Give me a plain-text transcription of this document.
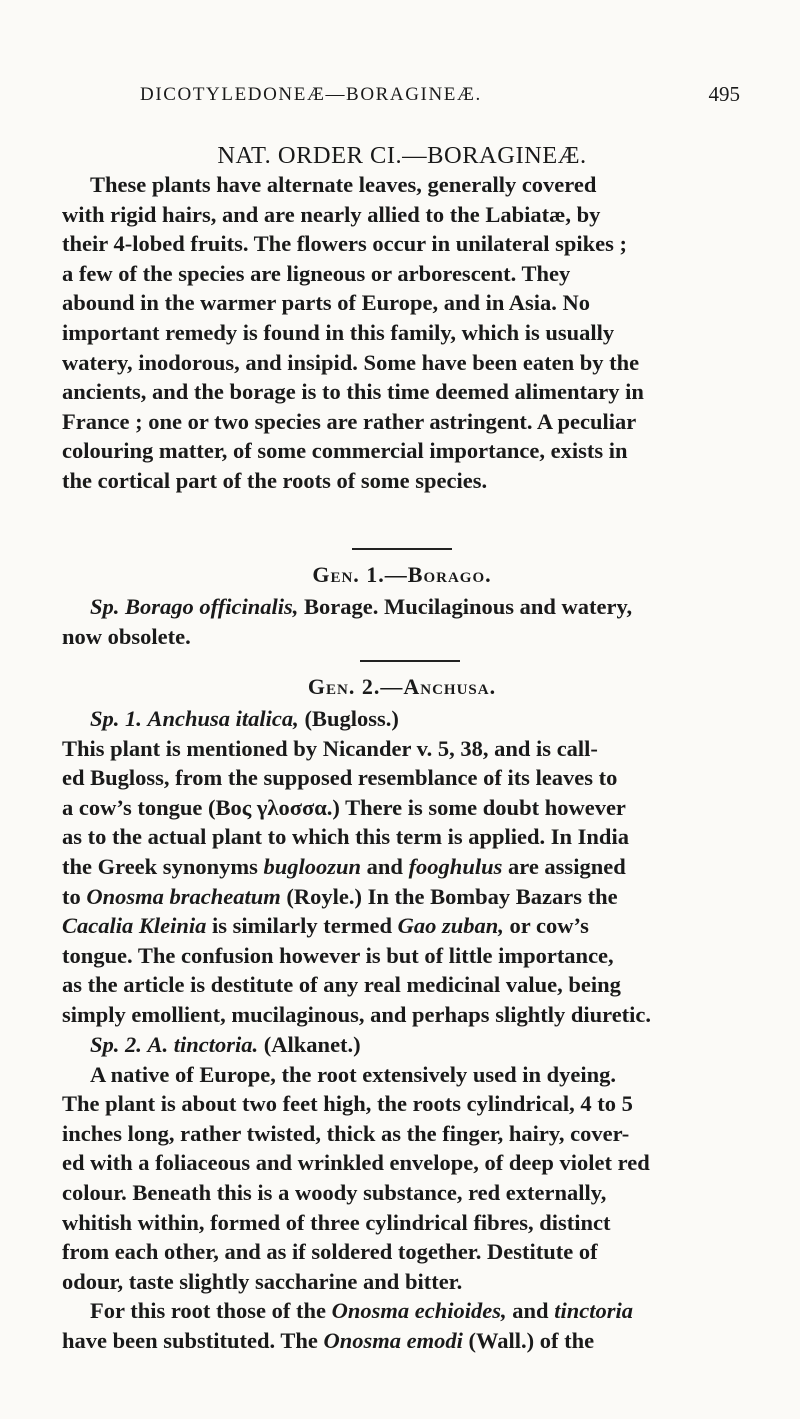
DICOTYLEDONEÆ—BORAGINEÆ.	495
NAT. ORDER CI.—BORAGINEÆ.
These plants have alternate leaves, generally covered
with rigid hairs, and are nearly allied to the Labiatæ, by
their 4-lobed fruits. The flowers occur in unilateral spikes ;
a few of the species are ligneous or arborescent. They
abound in the warmer parts of Europe, and in Asia. No
important remedy is found in this family, which is usually
watery, inodorous, and insipid. Some have been eaten by the
ancients, and the borage is to this time deemed alimentary in
France ; one or two species are rather astringent. A peculiar
colouring matter, of some commercial importance, exists in
the cortical part of the roots of some species.
Gen. 1.—Borago.
Sp. Borago officinalis, Borage. Mucilaginous and watery,
now obsolete.
Gen. 2.—Anchusa.
Sp. 1. Anchusa italica, (Bugloss.)
This plant is mentioned by Nicander v. 5, 38, and is call-
ed Bugloss, from the supposed resemblance of its leaves to
a cow’s tongue (Βος γλοσσα.) There is some doubt however
as to the actual plant to which this term is applied. In India
the Greek synonyms bugloozun and fooghulus are assigned
to Onosma bracheatum (Royle.) In the Bombay Bazars the
Cacalia Kleinia is similarly termed Gao zuban, or cow’s
tongue. The confusion however is but of little importance,
as the article is destitute of any real medicinal value, being
simply emollient, mucilaginous, and perhaps slightly diuretic.
Sp. 2. A. tinctoria. (Alkanet.)
A native of Europe, the root extensively used in dyeing.
The plant is about two feet high, the roots cylindrical, 4 to 5
inches long, rather twisted, thick as the finger, hairy, cover-
ed with a foliaceous and wrinkled envelope, of deep violet red
colour. Beneath this is a woody substance, red externally,
whitish within, formed of three cylindrical fibres, distinct
from each other, and as if soldered together. Destitute of
odour, taste slightly saccharine and bitter.
For this root those of the Onosma echioides, and tinctoria
have been substituted. The Onosma emodi (Wall.) of the
